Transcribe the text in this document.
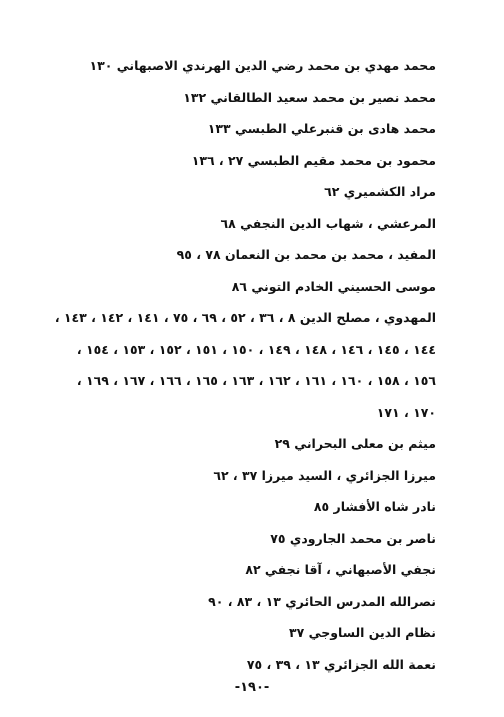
محمد مهدي بن محمد رضي الدين الهرندي الاصبهاني ١٣٠
محمد نصير بن محمد سعيد الطالقاني ١٣٢
محمد هادى بن قنبرعلي الطبسي ١٣٣
محمود بن محمد مقيم الطبسي ٢٧ ، ١٣٦
مراد الكشميري ٦٢
المرعشي ، شهاب الدين النجفي ٦٨
المفيد ، محمد بن محمد بن النعمان ٧٨ ، ٩٥
موسى الحسيني الخادم التوني ٨٦
المهدوي ، مصلح الدين ٨ ، ٣٦ ، ٥٢ ، ٦٩ ، ٧٥ ، ١٤١ ، ١٤٢ ، ١٤٣ ،
١٤٤ ، ١٤٥ ، ١٤٦ ، ١٤٨ ، ١٤٩ ، ١٥٠ ، ١٥١ ، ١٥٢ ، ١٥٣ ، ١٥٤ ،
١٥٦ ، ١٥٨ ، ١٦٠ ، ١٦١ ، ١٦٢ ، ١٦٣ ، ١٦٥ ، ١٦٦ ، ١٦٧ ، ١٦٩ ،
١٧٠ ، ١٧١
ميثم بن معلى البحراني ٢٩
ميرزا الجزائري ، السيد ميرزا ٣٧ ، ٦٢
نادر شاه الأفشار ٨٥
ناصر بن محمد الجارودي ٧٥
نجفي الأصبهاني ، آقا نجفي ٨٢
نصرالله المدرس الحائري ١٣ ، ٨٣ ، ٩٠
نظام الدين الساوجي ٣٧
نعمة الله الجزائري ١٣ ، ٣٩ ، ٧٥
-١٩٠-
